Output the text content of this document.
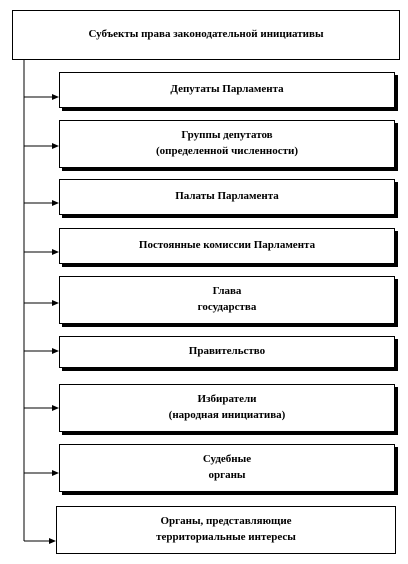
Субъекты права законодательной инициативы
Депутаты Парламента
Группы депутатов
(определенной численности)
Палаты Парламента
Постоянные комиссии Парламента
Глава
государства
Правительство
Избиратели
(народная инициатива)
Судебные
органы
Органы, представляющие
территориальные интересы
